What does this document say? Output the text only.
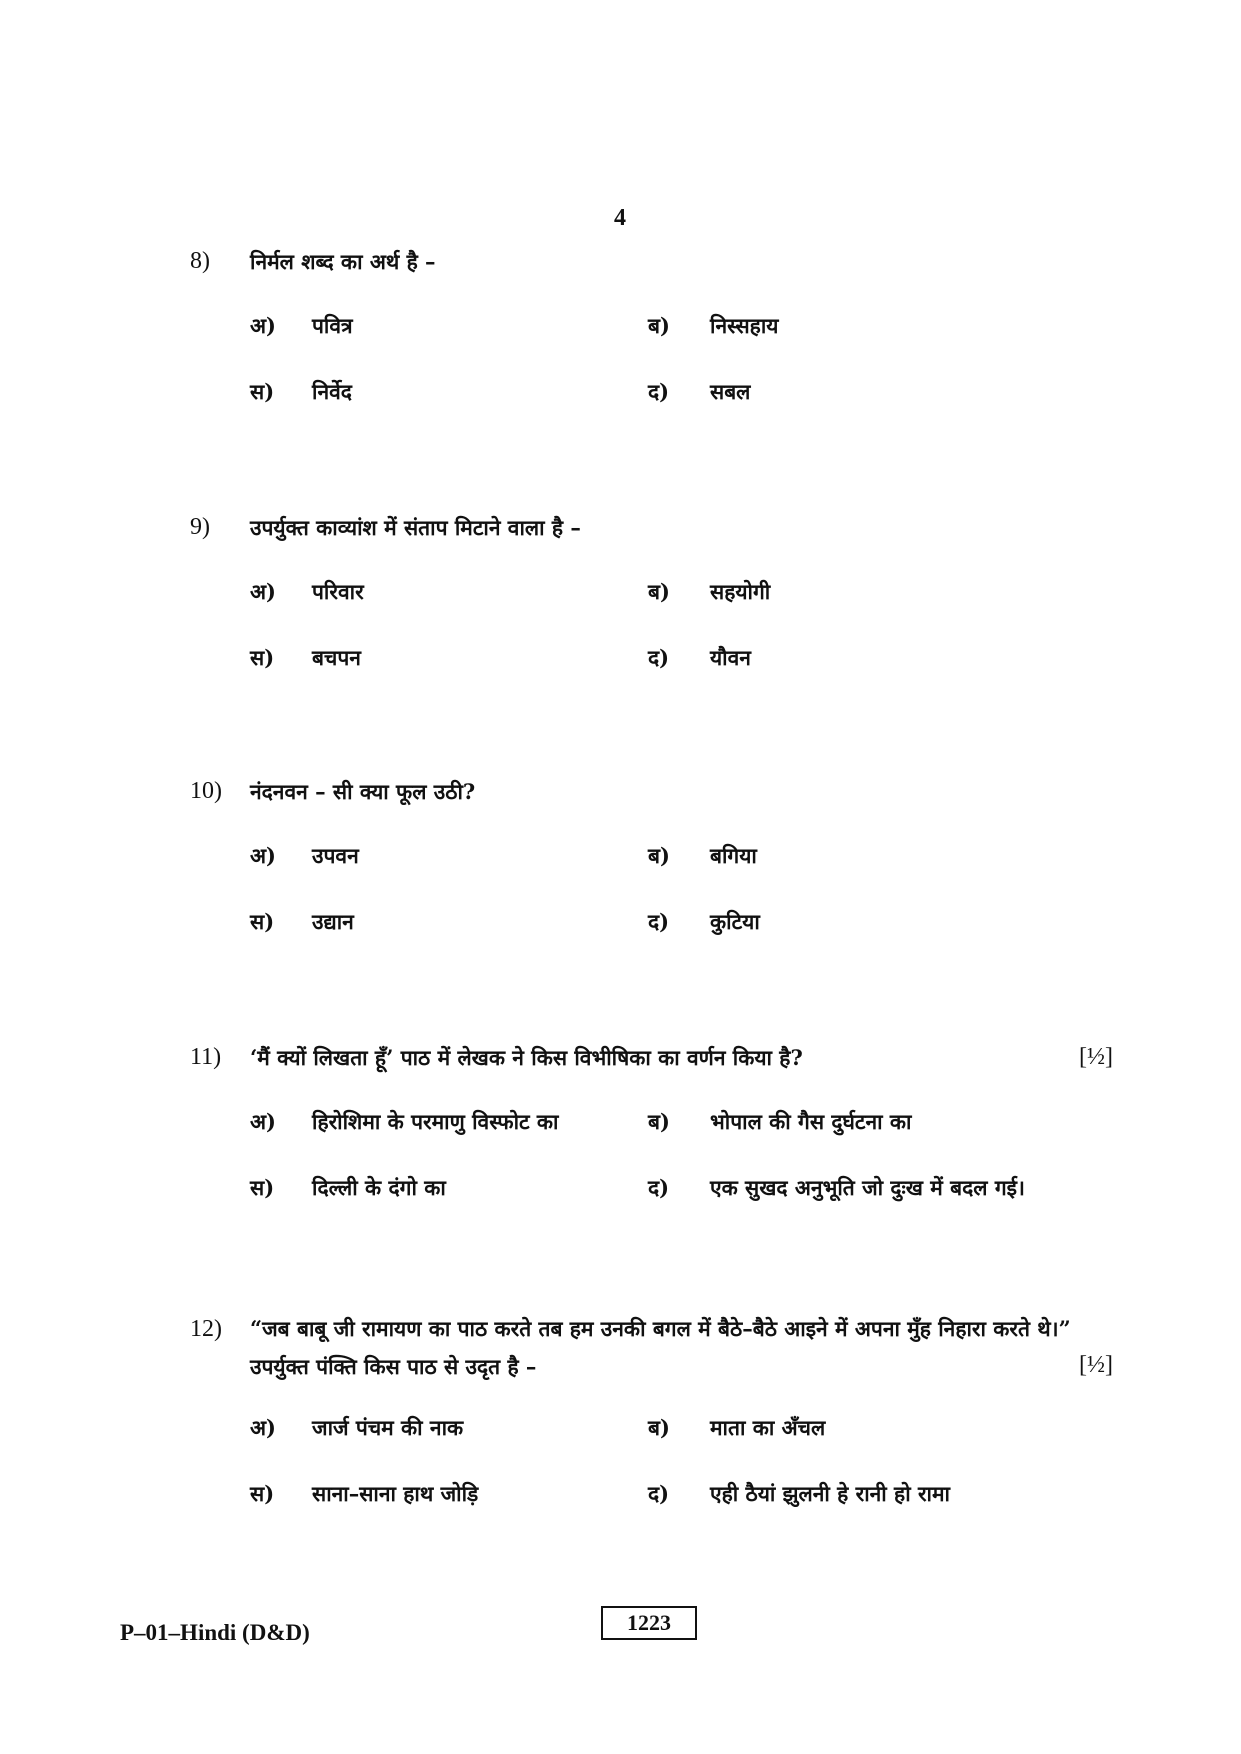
4
8) निर्मल शब्द का अर्थ है –
अ) पवित्र	ब) निस्सहाय
स) निर्वेद	द) सबल
9) उपर्युक्त काव्यांश में संताप मिटाने वाला है –
अ) परिवार	ब) सहयोगी
स) बचपन	द) यौवन
10) नंदनवन – सी क्या फूल उठी?
अ) उपवन	ब) बगिया
स) उद्यान	द) कुटिया
11) ‘मैं क्यों लिखता हूँ’ पाठ में लेखक ने किस विभीषिका का वर्णन किया है?	[½]
अ) हिरोशिमा के परमाणु विस्फोट का	ब) भोपाल की गैस दुर्घटना का
स) दिल्ली के दंगो का	द) एक सुखद अनुभूति जो दुःख में बदल गई।
12) “जब बाबू जी रामायण का पाठ करते तब हम उनकी बगल में बैठे–बैठे आइने में अपना मुँह निहारा करते थे।” उपर्युक्त पंक्ति किस पाठ से उदृत है –	[½]
अ) जार्ज पंचम की नाक	ब) माता का अँचल
स) साना–साना हाथ जोड़ि	द) एही ठैयां झुलनी हे रानी हो रामा
P–01–Hindi (D&D)	1223
